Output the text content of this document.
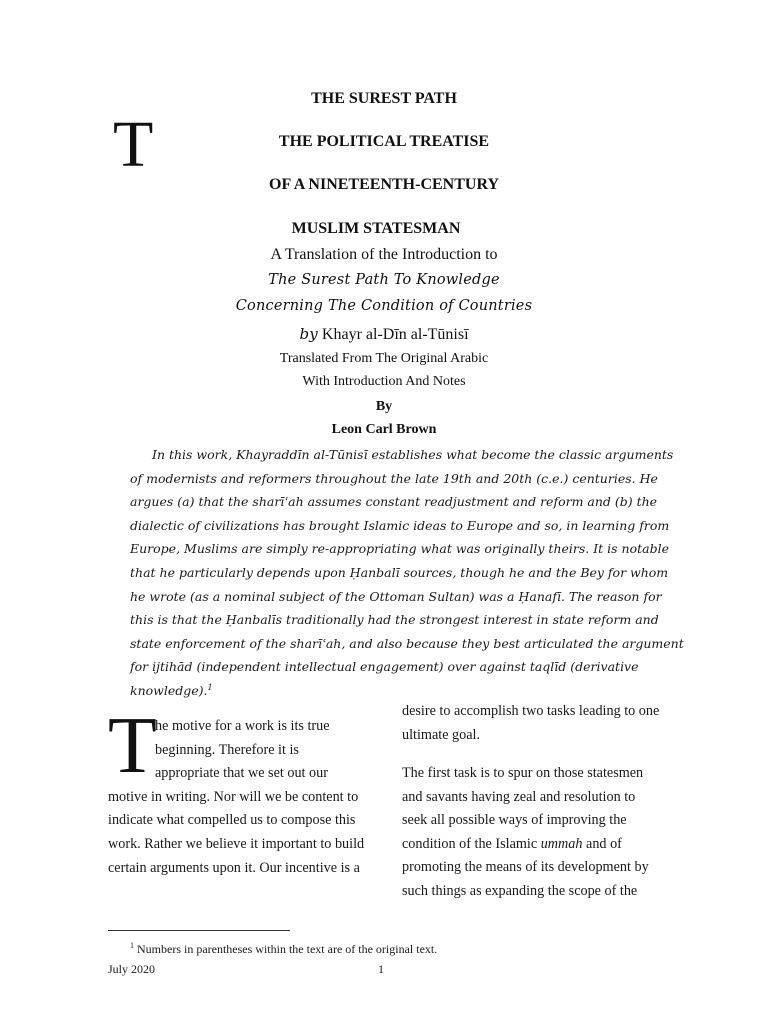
T
THE SUREST PATH
THE POLITICAL TREATISE
OF A NINETEENTH-CENTURY
MUSLIM STATESMAN
A Translation of the Introduction to
The Surest Path To Knowledge
Concerning The Condition of Countries
by Khayr al-Dīn al-Tūnisī
Translated From The Original Arabic
With Introduction And Notes
By
Leon Carl Brown
In this work, Khayraddīn al-Tūnisī establishes what become the classic arguments
of modernists and reformers throughout the late 19th and 20th (c.e.) centuries. He
argues (a) that the sharīʿah assumes constant readjustment and reform and (b) the
dialectic of civilizations has brought Islamic ideas to Europe and so, in learning from
Europe, Muslims are simply re-appropriating what was originally theirs. It is notable
that he particularly depends upon Ḥanbalī sources, though he and the Bey for whom
he wrote (as a nominal subject of the Ottoman Sultan) was a Ḥanafī. The reason for
this is that the Ḥanbalīs traditionally had the strongest interest in state reform and
state enforcement of the sharīʿah, and also because they best articulated the argument
for ijtihād (independent intellectual engagement) over against taqlīd (derivative
knowledge).$^1$
T
he motive for a work is its true
beginning. Therefore it is
appropriate that we set out our
motive in writing. Nor will we be content to
indicate what compelled us to compose this
work. Rather we believe it important to build
certain arguments upon it. Our incentive is a
desire to accomplish two tasks leading to one
ultimate goal.
The first task is to spur on those statesmen
and savants having zeal and resolution to
seek all possible ways of improving the
condition of the Islamic ummah and of
promoting the means of its development by
such things as expanding the scope of the
$^1$ Numbers in parentheses within the text are of the original text.
July 2020	1
